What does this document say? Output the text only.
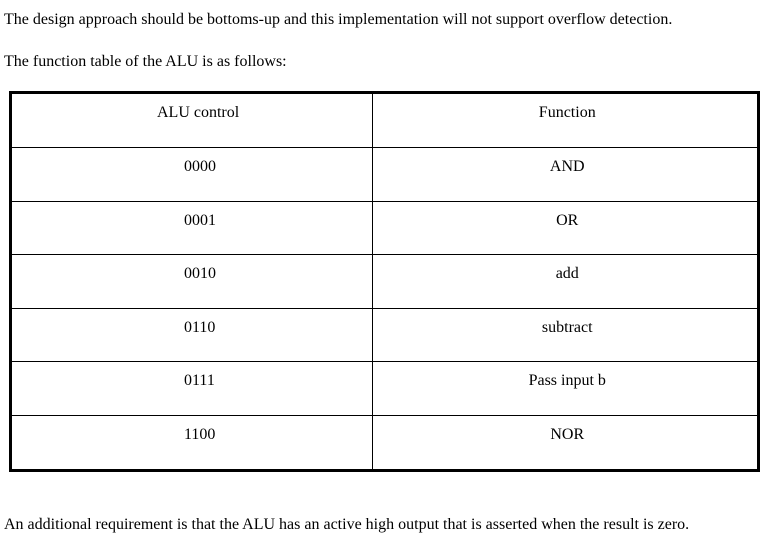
The design approach should be bottoms-up and this implementation will not support overflow detection.

The function table of the ALU is as follows:

ALU control	Function
0000	AND
0001	OR
0010	add
0110	subtract
0111	Pass input b
1100	NOR

An additional requirement is that the ALU has an active high output that is asserted when the result is zero.
